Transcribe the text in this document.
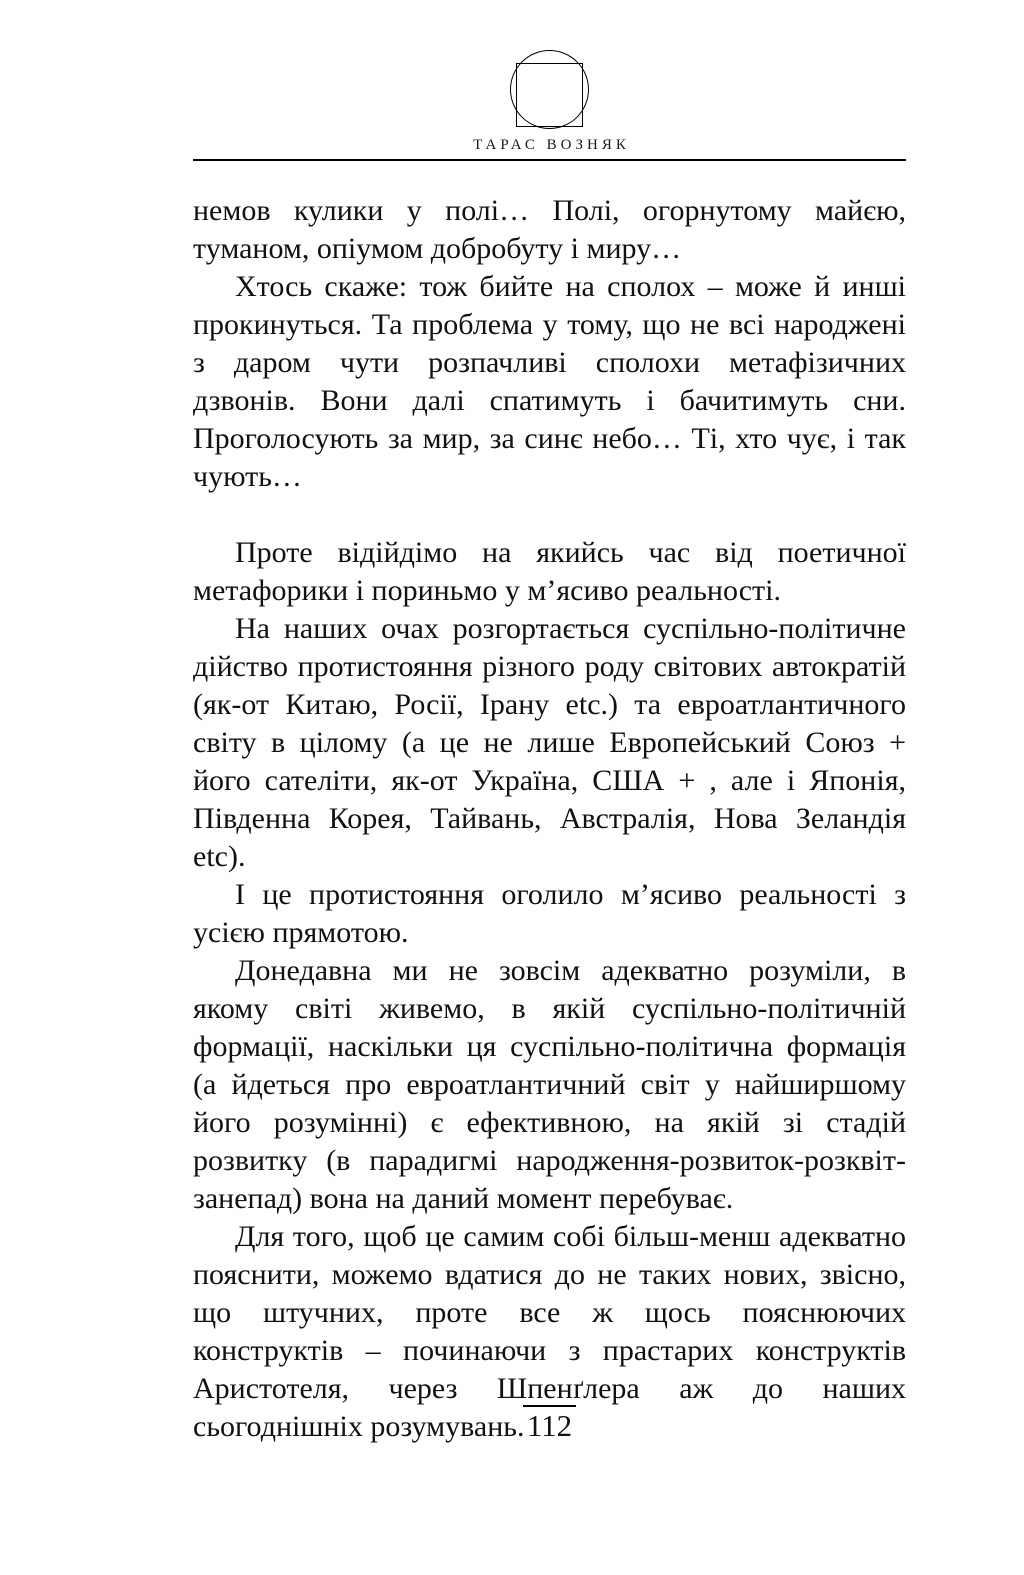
ТАРАС ВОЗНЯК

немов кулики у полі… Полі, огорнутому майєю, туманом, опіумом добробуту і миру…

Хтось скаже: тож бийте на сполох – може й инші прокинуться. Та проблема у тому, що не всі народжені з даром чути розпачливі сполохи метафізичних дзвонів. Вони далі спатимуть і бачитимуть сни. Проголосують за мир, за синє небо… Ті, хто чує, і так чують…

Проте відійдімо на якийсь час від поетичної метафорики і пориньмо у м’ясиво реальності.

На наших очах розгортається суспільно-політичне дійство протистояння різного роду світових автократій (як-от Китаю, Росії, Ірану etc.) та евроатлантичного світу в цілому (а це не лише Европейський Союз + його сателіти, як-от Україна, США + , але і Японія, Південна Корея, Тайвань, Австралія, Нова Зеландія etc).

І це протистояння оголило м’ясиво реальності з усією прямотою.

Донедавна ми не зовсім адекватно розуміли, в якому світі живемо, в якій суспільно-політичній формації, наскільки ця суспільно-політична формація (а йдеться про евроатлантичний світ у найширшому його розумінні) є ефективною, на якій зі стадій розвитку (в парадигмі народження-розвиток-розквіт-занепад) вона на даний момент перебуває.

Для того, щоб це самим собі більш-менш адекватно пояснити, можемо вдатися до не таких нових, звісно, що штучних, проте все ж щось пояснюючих конструктів – починаючи з прастарих конструктів Аристотеля, через Шпенґлера аж до наших сьогоднішніх розумувань. 112
